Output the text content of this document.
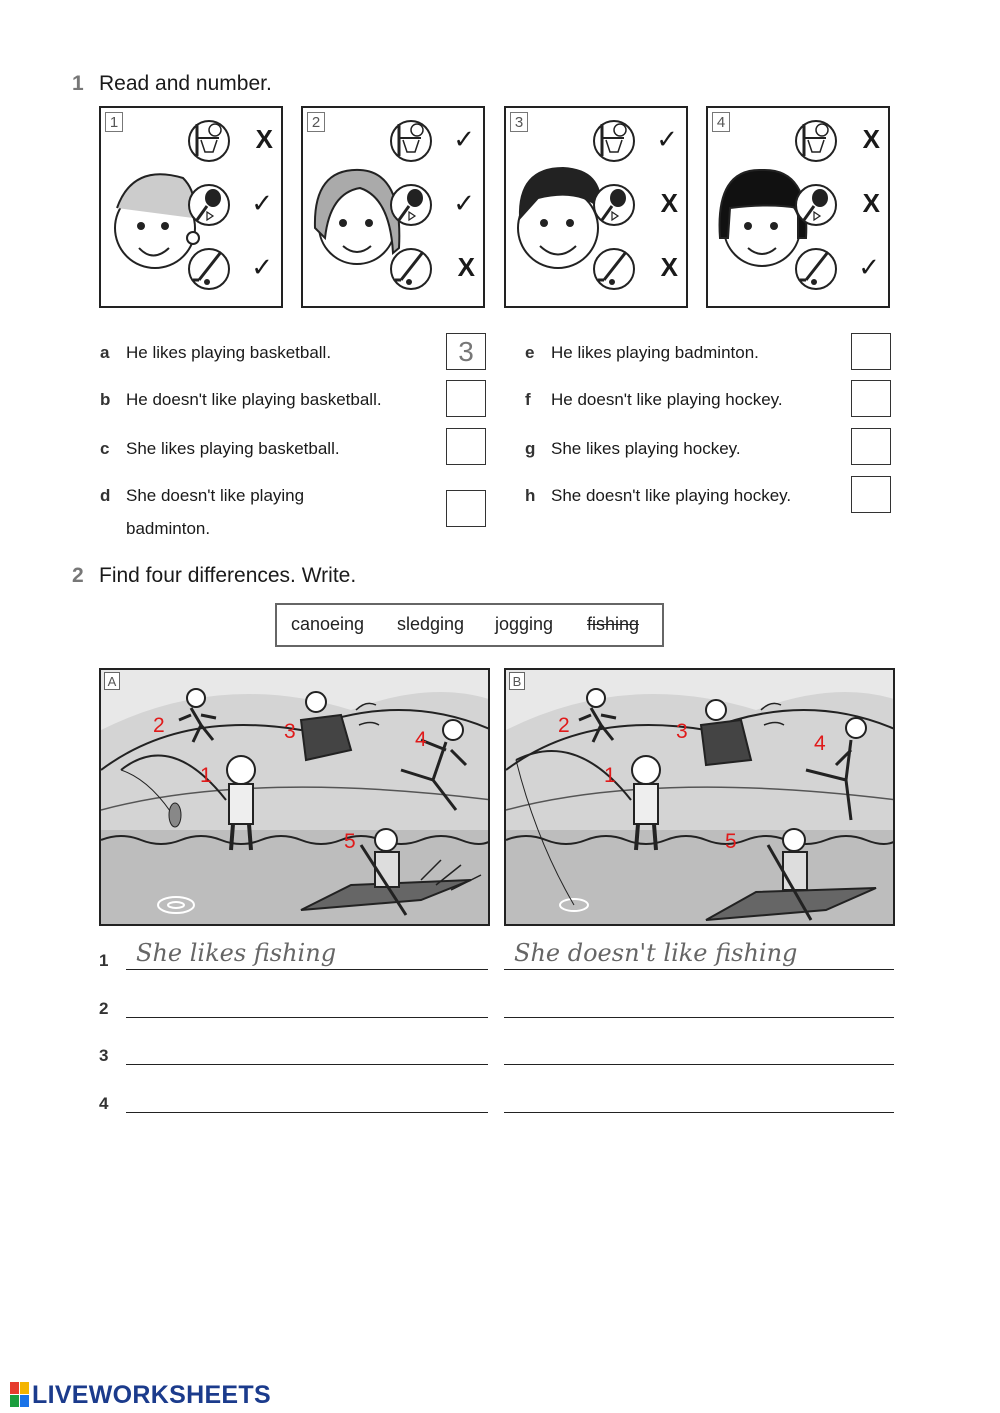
1 Read and number.
1
X
✓
✓
2
✓
✓
X
3
✓
X
X
4
X
X
✓
a He likes playing basketball.	3
b He doesn't like playing basketball.
c She likes playing basketball.
d She doesn't like playing badminton.
e He likes playing badminton.
f He doesn't like playing hockey.
g She likes playing hockey.
h She doesn't like playing hockey.
2 Find four differences. Write.
canoeing sledging jogging fishing
A
2	3	4
1
5
B
2	3
4
1
5
1 She likes fishing	She doesn't like fishing
2
3
4
LIVEWORKSHEETS
